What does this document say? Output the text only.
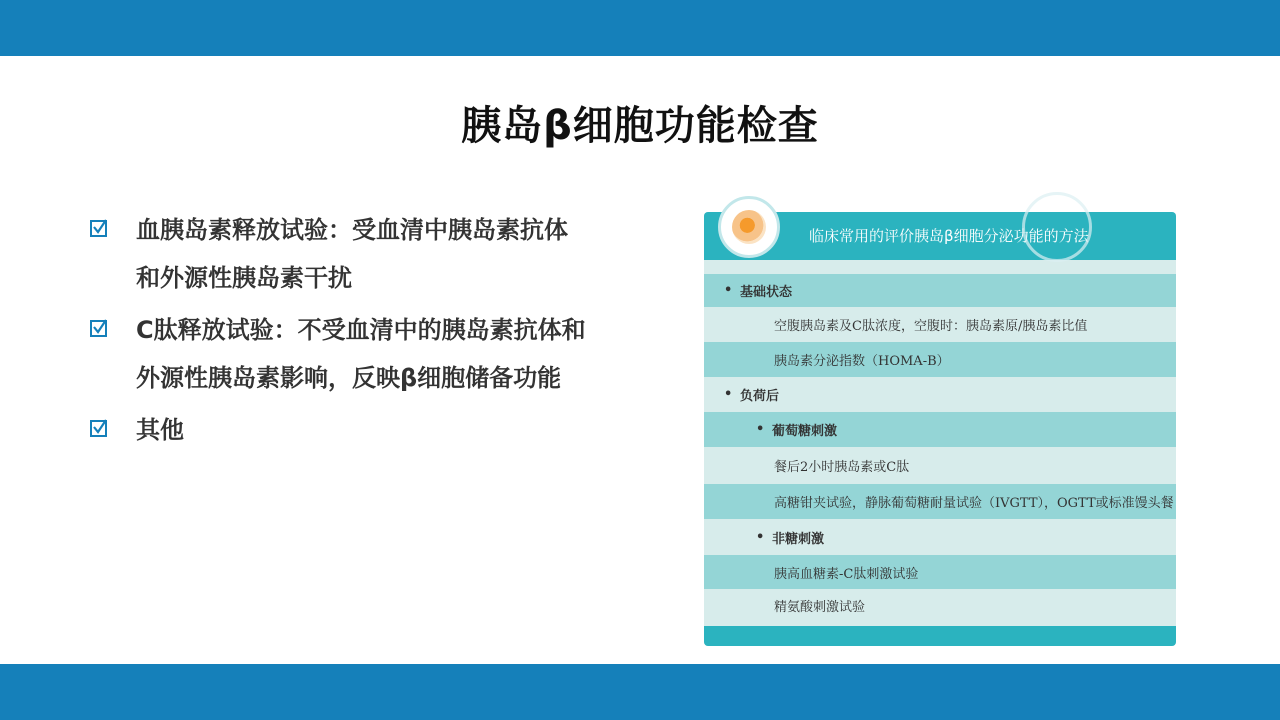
胰岛β细胞功能检查
血胰岛素释放试验：受血清中胰岛素抗体
和外源性胰岛素干扰
C肽释放试验：不受血清中的胰岛素抗体和
外源性胰岛素影响，反映β细胞储备功能
其他
临床常用的评价胰岛β细胞分泌功能的方法
• 基础状态
空腹胰岛素及C肽浓度，空腹时：胰岛素原/胰岛素比值
胰岛素分泌指数（HOMA-B）
• 负荷后
• 葡萄糖刺激
餐后2小时胰岛素或C肽
高糖钳夹试验，静脉葡萄糖耐量试验（IVGTT），OGTT或标准馒头餐
• 非糖刺激
胰高血糖素-C肽刺激试验
精氨酸刺激试验
